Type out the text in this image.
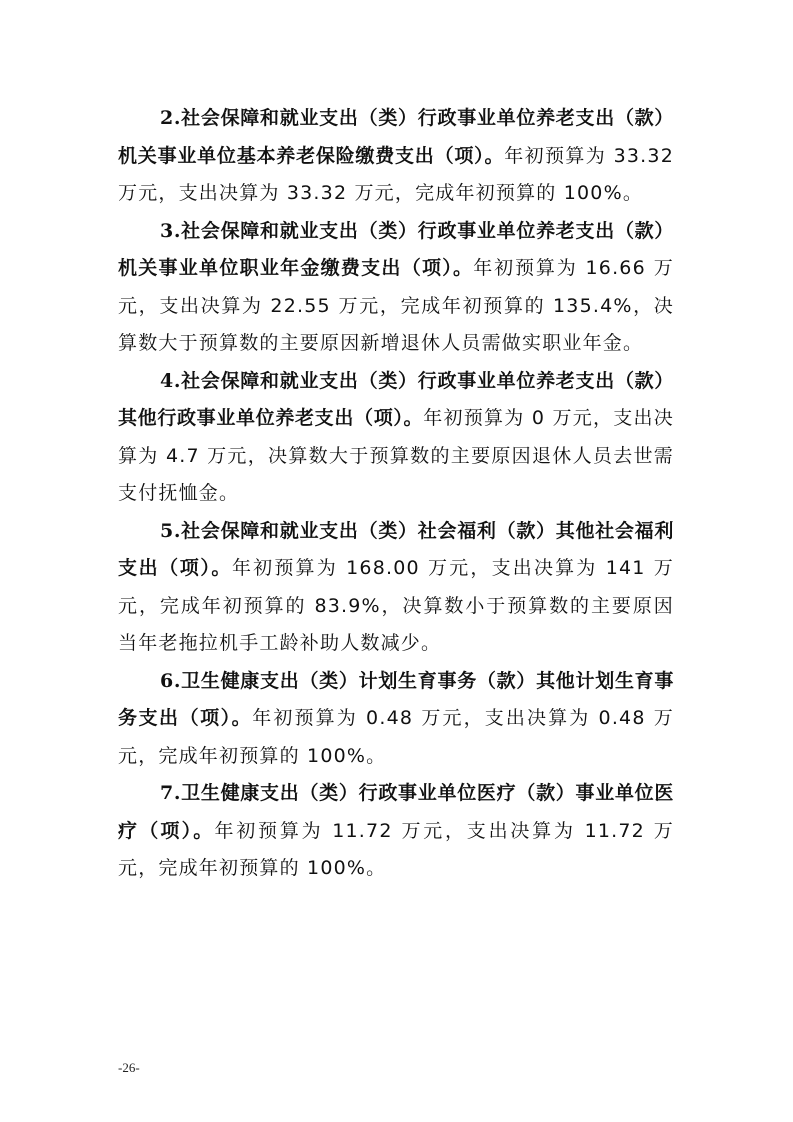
2.社会保障和就业支出（类）行政事业单位养老支出（款）机关事业单位基本养老保险缴费支出（项）。年初预算为 33.32 万元，支出决算为 33.32 万元，完成年初预算的 100%。

3.社会保障和就业支出（类）行政事业单位养老支出（款）机关事业单位职业年金缴费支出（项）。年初预算为 16.66 万元，支出决算为 22.55 万元，完成年初预算的 135.4%，决算数大于预算数的主要原因新增退休人员需做实职业年金。

4.社会保障和就业支出（类）行政事业单位养老支出（款）其他行政事业单位养老支出（项）。年初预算为 0 万元，支出决算为 4.7 万元，决算数大于预算数的主要原因退休人员去世需支付抚恤金。

5.社会保障和就业支出（类）社会福利（款）其他社会福利支出（项）。年初预算为 168.00 万元，支出决算为 141 万元，完成年初预算的 83.9%，决算数小于预算数的主要原因当年老拖拉机手工龄补助人数减少。

6.卫生健康支出（类）计划生育事务（款）其他计划生育事务支出（项）。年初预算为 0.48 万元，支出决算为 0.48 万元，完成年初预算的 100%。

7.卫生健康支出（类）行政事业单位医疗（款）事业单位医疗（项）。年初预算为 11.72 万元，支出决算为 11.72 万元，完成年初预算的 100%。

-26-
